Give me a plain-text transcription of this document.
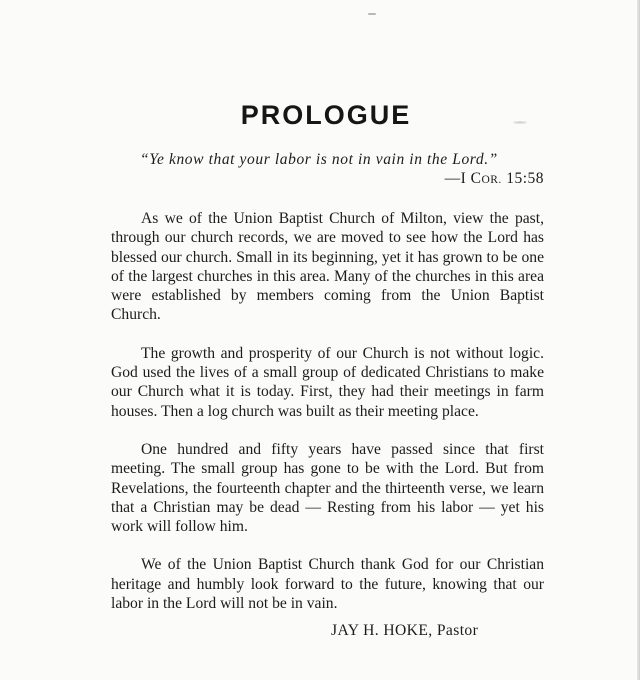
PROLOGUE
“Ye know that your labor is not in vain in the Lord.”
—I COR. 15:58

As we of the Union Baptist Church of Milton, view the past, through our church records, we are moved to see how the Lord has blessed our church. Small in its beginning, yet it has grown to be one of the largest churches in this area. Many of the churches in this area were established by members coming from the Union Baptist Church.

The growth and prosperity of our Church is not without logic. God used the lives of a small group of dedicated Christians to make our Church what it is today. First, they had their meetings in farm houses. Then a log church was built as their meeting place.

One hundred and fifty years have passed since that first meeting. The small group has gone to be with the Lord. But from Revelations, the fourteenth chapter and the thirteenth verse, we learn that a Christian may be dead — Resting from his labor — yet his work will follow him.

We of the Union Baptist Church thank God for our Christian heritage and humbly look forward to the future, knowing that our labor in the Lord will not be in vain.

JAY H. HOKE, Pastor
